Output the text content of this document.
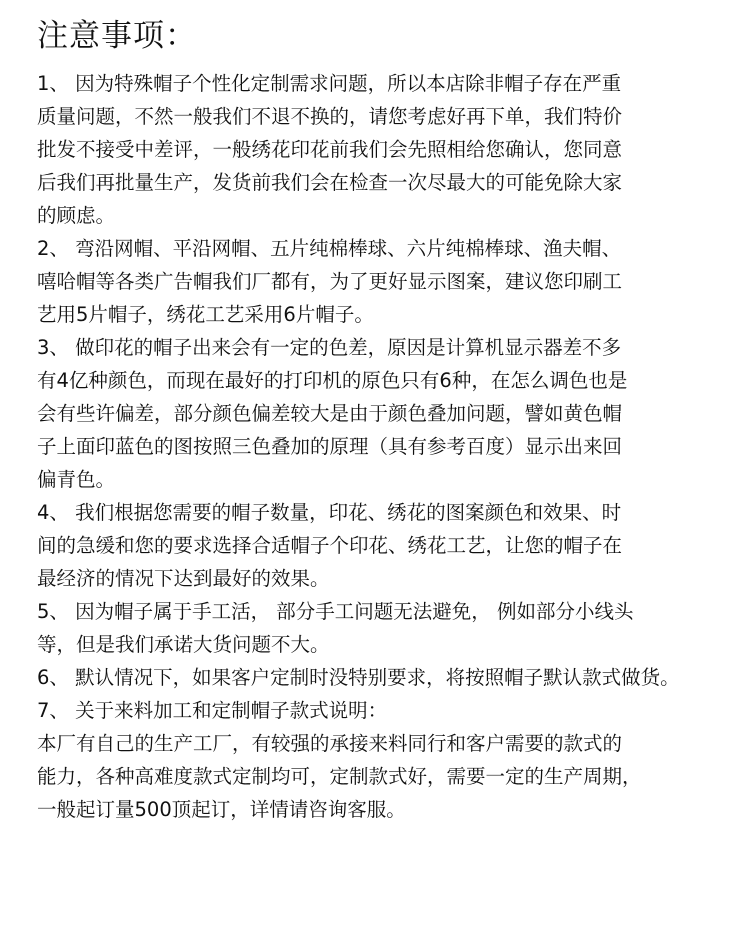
注意事项：
1、 因为特殊帽子个性化定制需求问题，所以本店除非帽子存在严重
质量问题，不然一般我们不退不换的，请您考虑好再下单，我们特价
批发不接受中差评，一般绣花印花前我们会先照相给您确认，您同意
后我们再批量生产，发货前我们会在检查一次尽最大的可能免除大家
的顾虑。
2、 弯沿网帽、平沿网帽、五片纯棉棒球、六片纯棉棒球、渔夫帽、
嘻哈帽等各类广告帽我们厂都有，为了更好显示图案，建议您印刷工
艺用5片帽子，绣花工艺采用6片帽子。
3、 做印花的帽子出来会有一定的色差，原因是计算机显示器差不多
有4亿种颜色，而现在最好的打印机的原色只有6种，在怎么调色也是
会有些许偏差，部分颜色偏差较大是由于颜色叠加问题，譬如黄色帽
子上面印蓝色的图按照三色叠加的原理（具有参考百度）显示出来回
偏青色。
4、 我们根据您需要的帽子数量，印花、绣花的图案颜色和效果、时
间的急缓和您的要求选择合适帽子个印花、绣花工艺，让您的帽子在
最经济的情况下达到最好的效果。
5、 因为帽子属于手工活， 部分手工问题无法避免， 例如部分小线头
等，但是我们承诺大货问题不大。
6、 默认情况下，如果客户定制时没特别要求，将按照帽子默认款式做货。
7、 关于来料加工和定制帽子款式说明：
本厂有自己的生产工厂，有较强的承接来料同行和客户需要的款式的
能力，各种高难度款式定制均可，定制款式好，需要一定的生产周期，
一般起订量500顶起订，详情请咨询客服。
